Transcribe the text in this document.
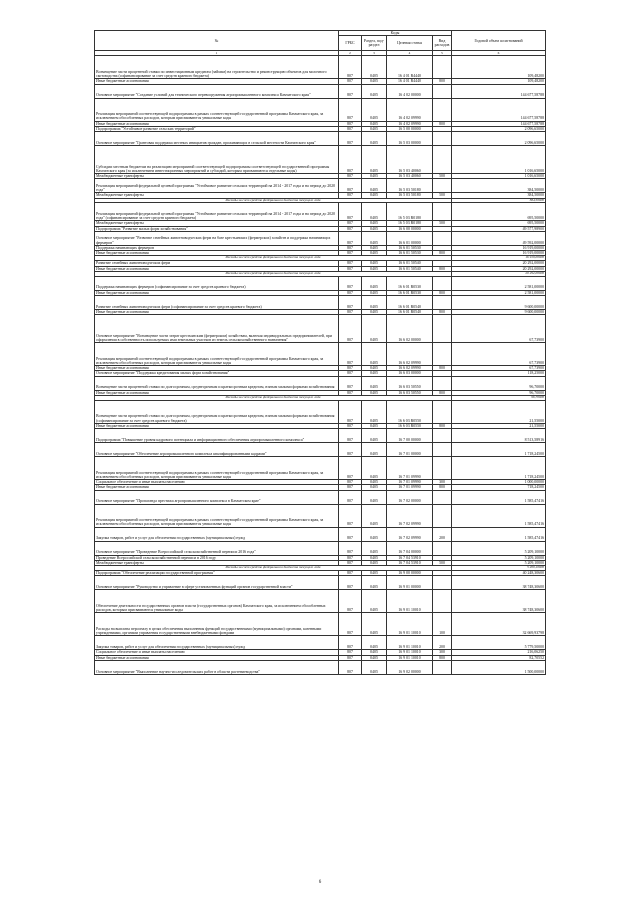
№	Коды				Годовой объем ассигнований
	ГРБС	Раздел, под-раздел	Целевая статья	Вид расходов	
1	2	3	4	5	6
Возмещение части процентной ставки по инвестиционным кредитам (займам) на строительство и реконструкцию объектов для молочного скотоводства (софинансирование за счет средств краевого бюджета)	807	0405	16 4 01 R4440		109,48200
Иные бюджетные ассигнования	807	0405	16 4 01 R4440	800	109,48200
Основное мероприятие "Создание условий для технического перевооружения агропромышленного комплекса Камчатского края"	807	0405	16 4 02 00000		144 677,58788
Реализация мероприятий соответствующей подпрограммы в рамках соответствующей государственной программы Камчатского края, за исключением обособленных расходов, которым присваиваются уникальные коды	807	0405	16 4 02 09990		144 677,58788
Иные бюджетные ассигнования	807	0405	16 4 02 09990	800	144 677,58788
Подпрограмма "Устойчивое развитие сельских территорий"	807	0405	16 5 00 00000		2 096,65000
Основное мероприятие "Грантовая поддержка местных инициатив граждан, проживающих в сельской местности Камчатского края"	807	0405	16 5 03 00000		2 096,65000
Субсидии местным бюджетам на реализацию мероприятий соответствующей подпрограммы соответствующей государственной программы Камчатского края (за исключением инвестиционных мероприятий и субсидий, которым присваиваются отдельные коды)	807	0405	16 5 03 40060		1 016,65000
Межбюджетные трансферты	807	0405	16 5 03 40060	500	1 016,65000
Реализация мероприятий федеральной целевой программы "Устойчивое развитие сельских территорий на 2014 - 2017 годы и на период до 2020 года"	807	0405	16 5 03 50180		384,50000
Межбюджетные трансферты	807	0405	16 5 03 50180	500	384,50000
Расходы за счет средств федерального бюджета текущего года					384,50000
Реализация мероприятий федеральной целевой программы "Устойчивое развитие сельских территорий на 2014 - 2017 годы и на период до 2020 года" (софинансирование за счет средств краевого бюджета)	807	0405	16 5 03 R0180		695,50000
Межбюджетные трансферты	807	0405	16 5 03 R0180	500	695,50000
Подпрограмма "Развитие малых форм хозяйствования"	807	0405	16 6 00 00000		49 577,98900
Основное мероприятие "Развитие семейных животноводческих ферм на базе крестьянских (фермерских) хозяйств и поддержка начинающих фермеров"	807	0405	16 6 01 00000		49 592,00000
Поддержка начинающих фермеров	807	0405	16 6 01 50530		16 919,00000
Иные бюджетные ассигнования	807	0405	16 6 01 50530	800	16 919,00000
Расходы за счет средств федерального бюджета текущего года					16 919,00000
Развитие семейных животноводческих ферм	807	0405	16 6 01 50540		20 292,00000
Иные бюджетные ассигнования	807	0405	16 6 01 50540	800	20 292,00000
Расходы за счет средств федерального бюджета текущего года					20 292,00000
Поддержка начинающих фермеров (софинансирование за счет средств краевого бюджета)	807	0405	16 6 01 R0530		2 581,00000
Иные бюджетные ассигнования	807	0405	16 6 01 R0530	800	2 581,00000
Развитие семейных животноводческих ферм (софинансирование за счет средств краевого бюджета)	807	0405	16 6 01 R0540		9 600,00000
Иные бюджетные ассигнования	807	0405	16 6 01 R0540	800	9 600,00000
Основное мероприятие "Возмещение части затрат крестьянским (фермерским) хозяйствам, включая индивидуальных предпринимателей, при оформлении в собственность используемых ими земельных участков из земель сельскохозяйственного назначения"	807	0405	16 6 02 00000		67,73900
Реализация мероприятий соответствующей подпрограммы в рамках соответствующей государственной программы Камчатского края, за исключением обособленных расходов, которым присваиваются уникальные коды	807	0405	16 6 02 09990		67,73900
Иные бюджетные ассигнования	807	0405	16 6 02 09990	800	67,73900
Основное мероприятие "Поддержка кредитования малых форм хозяйствования"	807	0405	16 6 03 00000		118,25000
Возмещение части процентной ставки по долгосрочным, среднесрочным и краткосрочным кредитам, взятым малыми формами хозяйствования	807	0405	16 6 03 50550		96,70000
Иные бюджетные ассигнования	807	0405	16 6 03 50550	800	96,70000
Расходы за счет средств федерального бюджета текущего года					96,70000
Возмещение части процентной ставки по долгосрочным, среднесрочным и краткосрочным кредитам, взятым малыми формами хозяйствования (софинансирование за счет средств краевого бюджета)	807	0405	16 6 03 R0550		21,55000
Иные бюджетные ассигнования	807	0405	16 6 03 R0550	800	21,55000
Подпрограмма "Повышение уровня кадрового потенциала и информационного обеспечения агропромышленного комплекса"	807	0405	16 7 00 00000		8 513,58916
Основное мероприятие "Обеспечение агропромышленного комплекса квалифицированными кадрами"	807	0405	16 7 01 00000		1 718,24500
Реализация мероприятий соответствующей подпрограммы в рамках соответствующей государственной программы Камчатского края, за исключением обособленных расходов, которым присваиваются уникальные коды	807	0405	16 7 01 09990		1 718,24500
Социальное обеспечение и иные выплаты населению	807	0405	16 7 01 09990	300	1 000,00000
Иные бюджетные ассигнования	807	0405	16 7 01 09990	800	718,24500
Основное мероприятие "Пропаганда престижа агропромышленного комплекса в Камчатском крае"	807	0405	16 7 02 00000		1 585,47416
Реализация мероприятий соответствующей подпрограммы в рамках соответствующей государственной программы Камчатского края, за исключением обособленных расходов, которым присваиваются уникальные коды	807	0405	16 7 02 09990		1 585,47416
Закупка товаров, работ и услуг для обеспечения государственных (муниципальных) нужд	807	0405	16 7 02 09990	200	1 585,47416
Основное мероприятие "Проведение Всероссийской сельскохозяйственной переписи 2016 года"	807	0405	16 7 04 00000		5 209,10000
Проведение Всероссийской сельскохозяйственной переписи в 2016 году	807	0405	16 7 04 53910		5 209,10000
Межбюджетные трансферты	807	0405	16 7 04 53910	500	5 209,10000
Расходы за счет средств федерального бюджета текущего года					5 209,10000
Подпрограмма "Обеспечение реализации государственной программы"	807	0405	16 9 00 00000		40 248,30600
Основное мероприятие "Руководство и управление в сфере установленных функций органов государственной власти"	807	0405	16 9 01 00000		38 748,30600
Обеспечение деятельности государственных органов власти (государственных органов) Камчатского края, за исключением обособленных расходов, которым присваиваются уникальные коды	807	0405	16 9 01 10010		38 748,30600
Расходы на выплаты персоналу в целях обеспечения выполнения функций государственными (муниципальными) органами, казенными учреждениями, органами управления государственными внебюджетными фондами	807	0405	16 9 01 10010	100	32 669,93798
Закупка товаров, работ и услуг для обеспечения государственных (муниципальных) нужд	807	0405	16 9 01 10010	200	5 779,50000
Социальное обеспечение и иные выплаты населению	807	0405	16 9 01 10010	300	216,06250
Иные бюджетные ассигнования	807	0405	16 9 01 10010	800	82,70552
Основное мероприятие "Выполнение научно-исследовательских работ в области растениеводства"	807	0405	16 9 02 00000		1 500,00000
6
